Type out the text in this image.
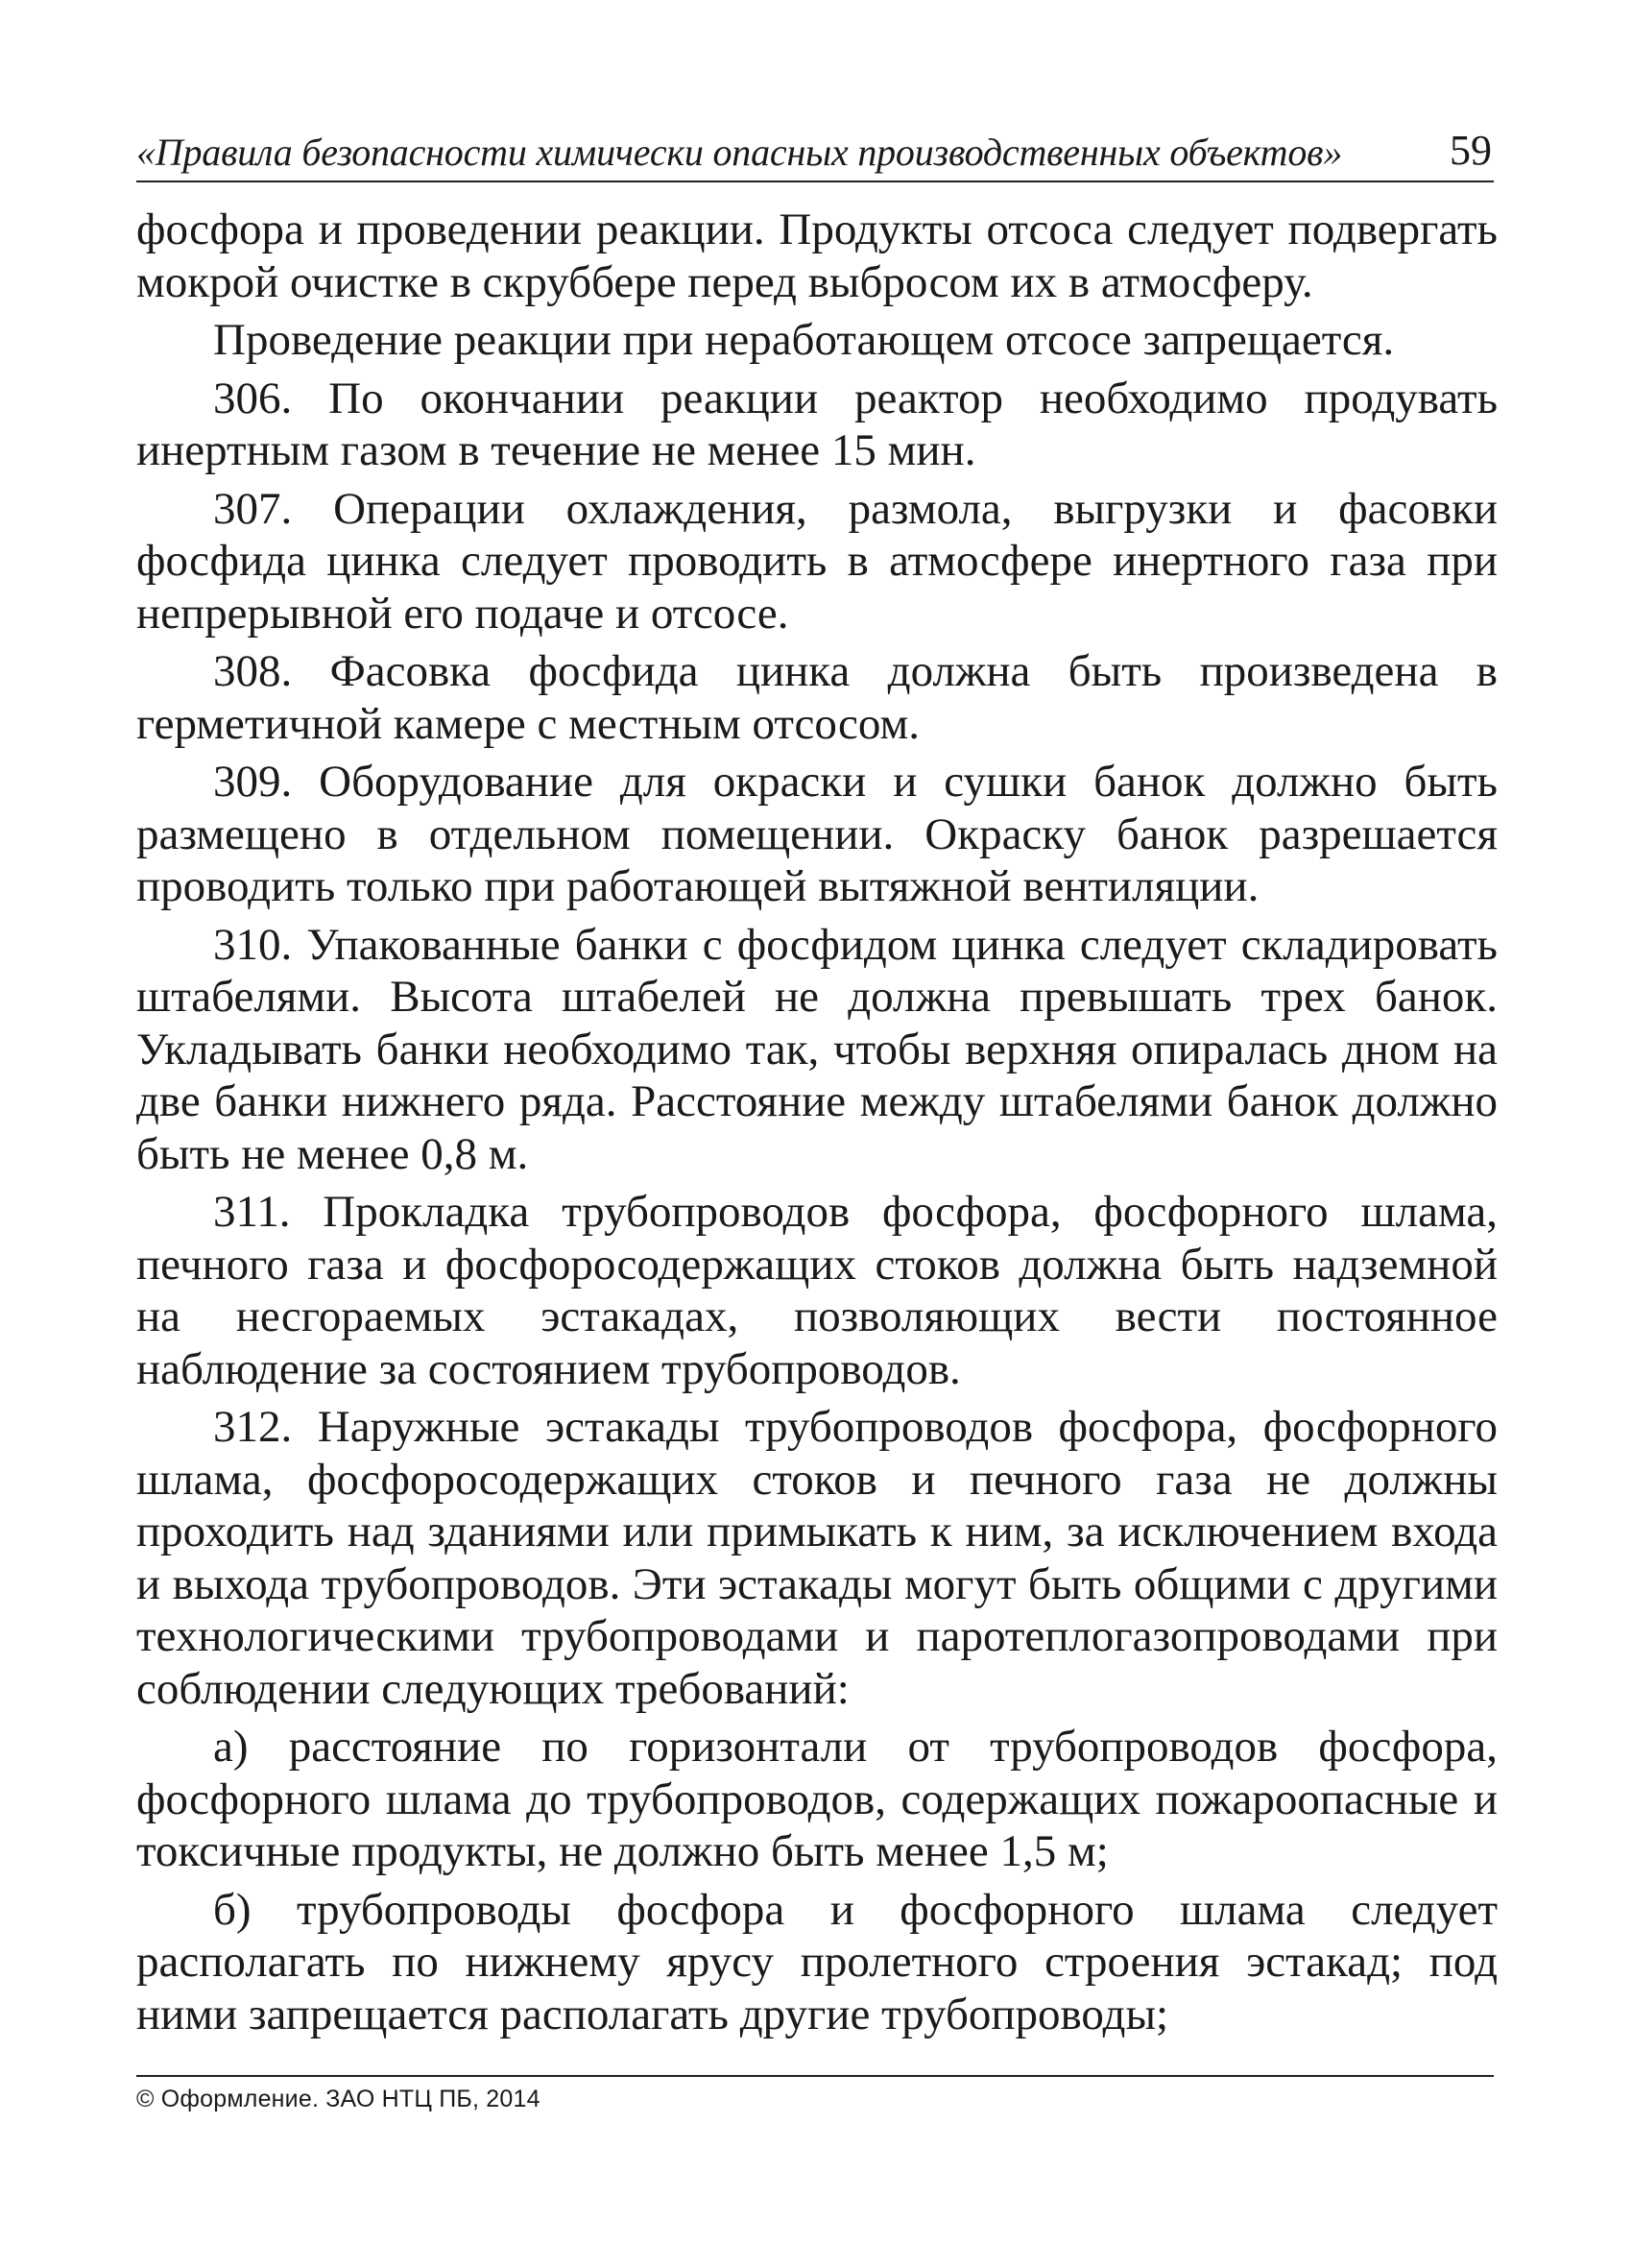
«Правила безопасности химически опасных производственных объектов»	59

фосфора и проведении реакции. Продукты отсоса следует подвергать мокрой очистке в скруббере перед выбросом их в атмосферу.

Проведение реакции при неработающем отсосе запрещается.

306. По окончании реакции реактор необходимо продувать инертным газом в течение не менее 15 мин.

307. Операции охлаждения, размола, выгрузки и фасовки фосфида цинка следует проводить в атмосфере инертного газа при непрерывной его подаче и отсосе.

308. Фасовка фосфида цинка должна быть произведена в герметичной камере с местным отсосом.

309. Оборудование для окраски и сушки банок должно быть размещено в отдельном помещении. Окраску банок разрешается проводить только при работающей вытяжной вентиляции.

310. Упакованные банки с фосфидом цинка следует складировать штабелями. Высота штабелей не должна превышать трех банок. Укладывать банки необходимо так, чтобы верхняя опиралась дном на две банки нижнего ряда. Расстояние между штабелями банок должно быть не менее 0,8 м.

311. Прокладка трубопроводов фосфора, фосфорного шлама, печного газа и фосфоросодержащих стоков должна быть надземной на несгораемых эстакадах, позволяющих вести постоянное наблюдение за состоянием трубопроводов.

312. Наружные эстакады трубопроводов фосфора, фосфорного шлама, фосфоросодержащих стоков и печного газа не должны проходить над зданиями или примыкать к ним, за исключением входа и выхода трубопроводов. Эти эстакады могут быть общими с другими технологическими трубопроводами и паротеплогазопроводами при соблюдении следующих требований:

а) расстояние по горизонтали от трубопроводов фосфора, фосфорного шлама до трубопроводов, содержащих пожароопасные и токсичные продукты, не должно быть менее 1,5 м;

б) трубопроводы фосфора и фосфорного шлама следует располагать по нижнему ярусу пролетного строения эстакад; под ними запрещается располагать другие трубопроводы;

© Оформление. ЗАО НТЦ ПБ, 2014
